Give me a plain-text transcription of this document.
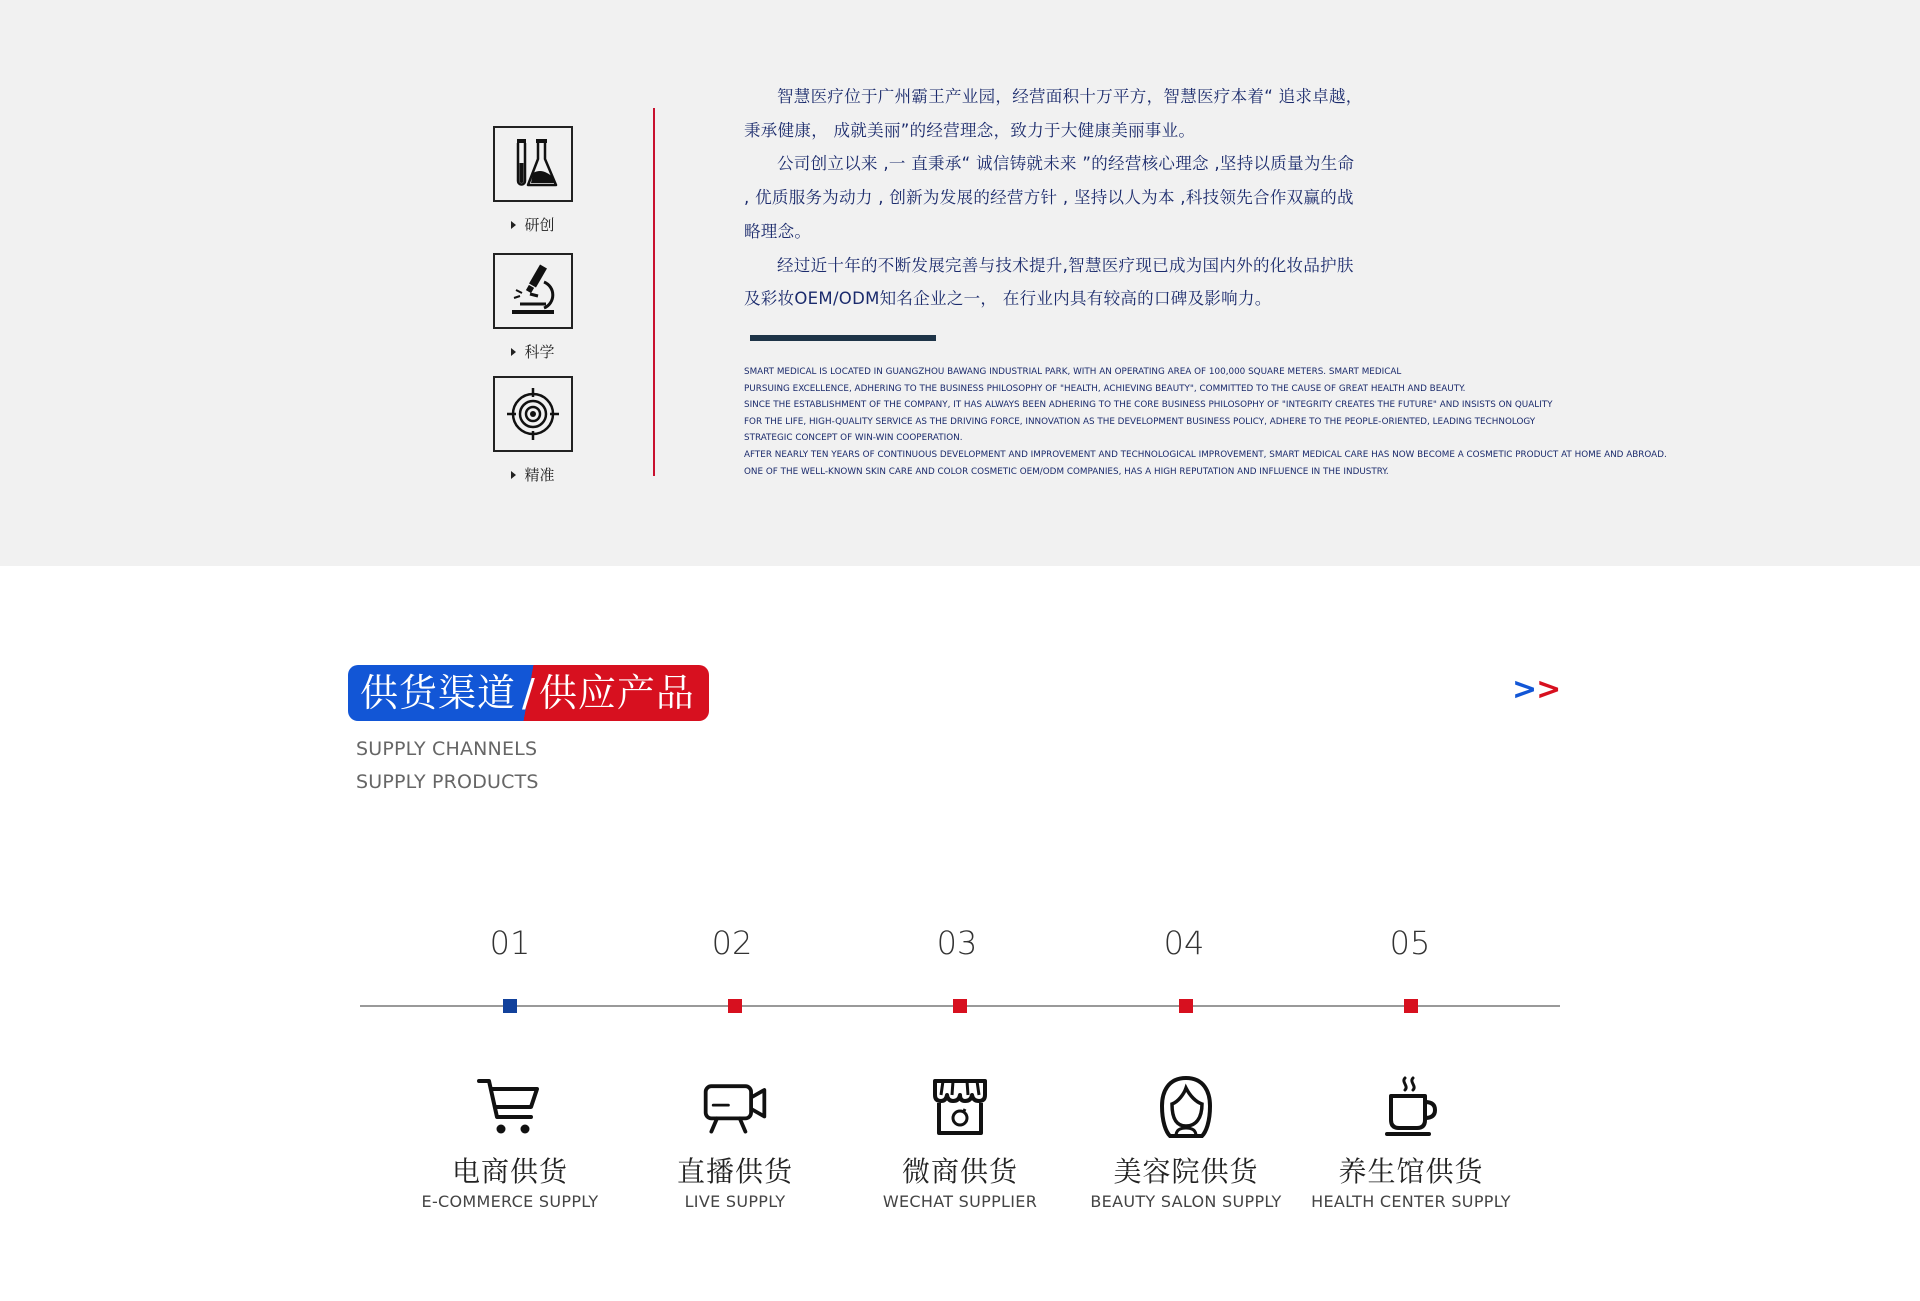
研创
科学
精准

智慧医疗位于广州霸王产业园，经营面积十万平方，智慧医疗本着“ 追求卓越， 秉承健康， 成就美丽”的经营理念，致力于大健康美丽事业。

公司创立以来 ,一 直秉承“ 诚信铸就未来 ”的经营核心理念 ,坚持以质量为生命 , 优质服务为动力 , 创新为发展的经营方针 , 坚持以人为本 ,科技领先合作双赢的战略理念。

经过近十年的不断发展完善与技术提升,智慧医疗现已成为国内外的化妆品护肤及彩妆OEM/ODM知名企业之一， 在行业内具有较高的口碑及影响力。

SMART MEDICAL IS LOCATED IN GUANGZHOU BAWANG INDUSTRIAL PARK, WITH AN OPERATING AREA OF 100,000 SQUARE METERS. SMART MEDICAL
PURSUING EXCELLENCE, ADHERING TO THE BUSINESS PHILOSOPHY OF "HEALTH, ACHIEVING BEAUTY", COMMITTED TO THE CAUSE OF GREAT HEALTH AND BEAUTY.
SINCE THE ESTABLISHMENT OF THE COMPANY, IT HAS ALWAYS BEEN ADHERING TO THE CORE BUSINESS PHILOSOPHY OF "INTEGRITY CREATES THE FUTURE" AND INSISTS ON QUALITY
FOR THE LIFE, HIGH-QUALITY SERVICE AS THE DRIVING FORCE, INNOVATION AS THE DEVELOPMENT BUSINESS POLICY, ADHERE TO THE PEOPLE-ORIENTED, LEADING TECHNOLOGY
STRATEGIC CONCEPT OF WIN-WIN COOPERATION.
AFTER NEARLY TEN YEARS OF CONTINUOUS DEVELOPMENT AND IMPROVEMENT AND TECHNOLOGICAL IMPROVEMENT, SMART MEDICAL CARE HAS NOW BECOME A COSMETIC PRODUCT AT HOME AND ABROAD.
ONE OF THE WELL-KNOWN SKIN CARE AND COLOR COSMETIC OEM/ODM COMPANIES, HAS A HIGH REPUTATION AND INFLUENCE IN THE INDUSTRY.
供货渠道 / 供应产品
SUPPLY CHANNELS
SUPPLY PRODUCTS
>>
01	02	03	04	05
电商供货
E-COMMERCE SUPPLY
直播供货
LIVE SUPPLY
微商供货
WECHAT SUPPLIER
美容院供货
BEAUTY SALON SUPPLY
养生馆供货
HEALTH CENTER SUPPLY
